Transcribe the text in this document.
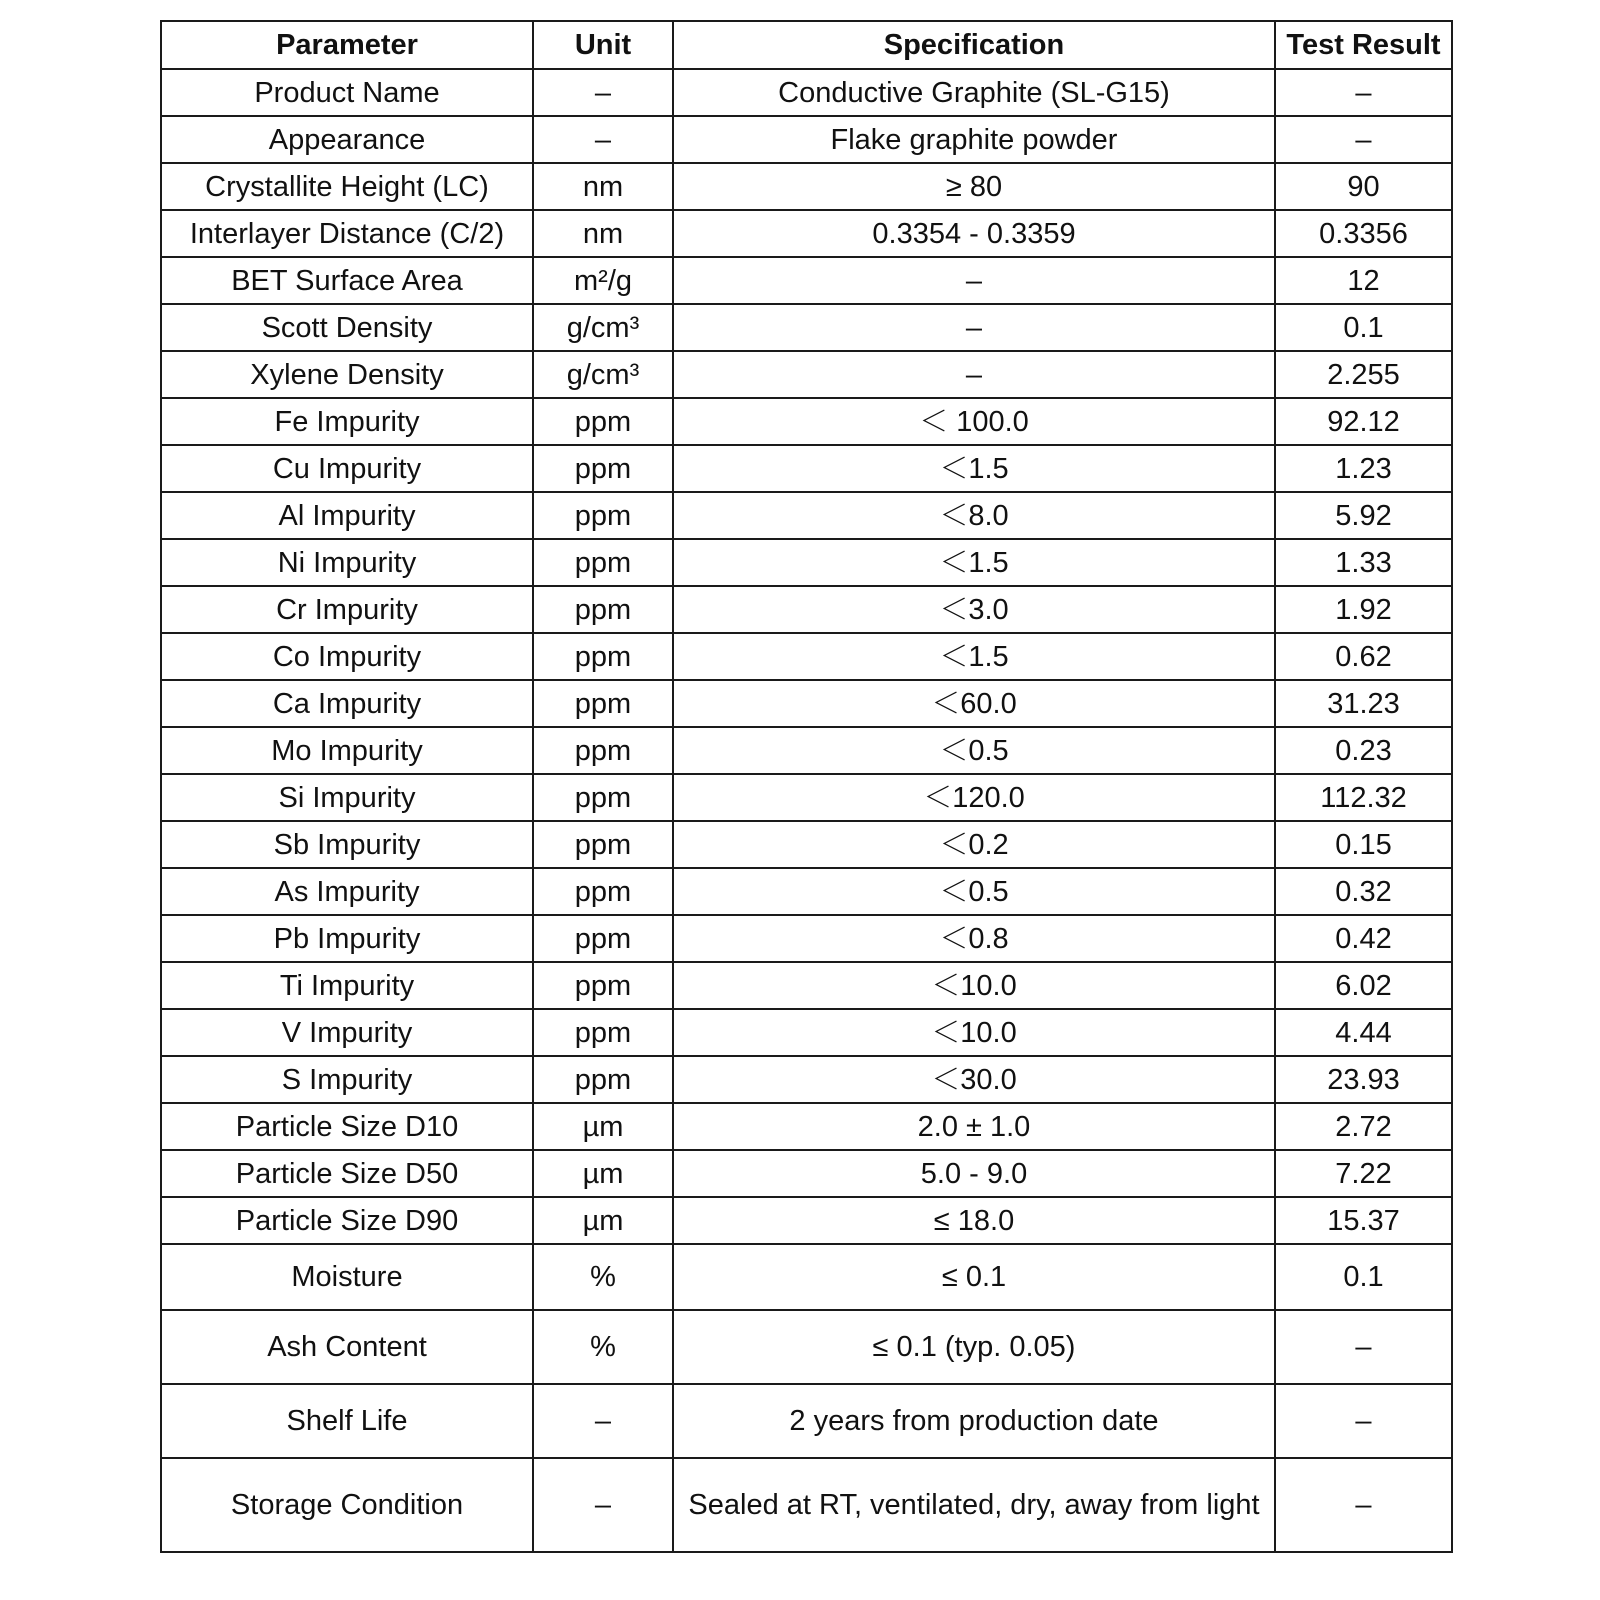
Parameter	Unit	Specification	Test Result
Product Name	–	Conductive Graphite (SL-G15)	–
Appearance	–	Flake graphite powder	–
Crystallite Height (LC)	nm	≥ 80	90
Interlayer Distance (C/2)	nm	0.3354 - 0.3359	0.3356
BET Surface Area	m²/g	–	12
Scott Density	g/cm³	–	0.1
Xylene Density	g/cm³	–	2.255
Fe Impurity	ppm	＜ 100.0	92.12
Cu Impurity	ppm	＜1.5	1.23
Al Impurity	ppm	＜8.0	5.92
Ni Impurity	ppm	＜1.5	1.33
Cr Impurity	ppm	＜3.0	1.92
Co Impurity	ppm	＜1.5	0.62
Ca Impurity	ppm	＜60.0	31.23
Mo Impurity	ppm	＜0.5	0.23
Si Impurity	ppm	＜120.0	112.32
Sb Impurity	ppm	＜0.2	0.15
As Impurity	ppm	＜0.5	0.32
Pb Impurity	ppm	＜0.8	0.42
Ti Impurity	ppm	＜10.0	6.02
V Impurity	ppm	＜10.0	4.44
S Impurity	ppm	＜30.0	23.93
Particle Size D10	µm	2.0 ± 1.0	2.72
Particle Size D50	µm	5.0 - 9.0	7.22
Particle Size D90	µm	≤ 18.0	15.37
Moisture	%	≤ 0.1	0.1
Ash Content	%	≤ 0.1 (typ. 0.05)	–
Shelf Life	–	2 years from production date	–
Storage Condition	–	Sealed at RT, ventilated, dry, away from light	–
